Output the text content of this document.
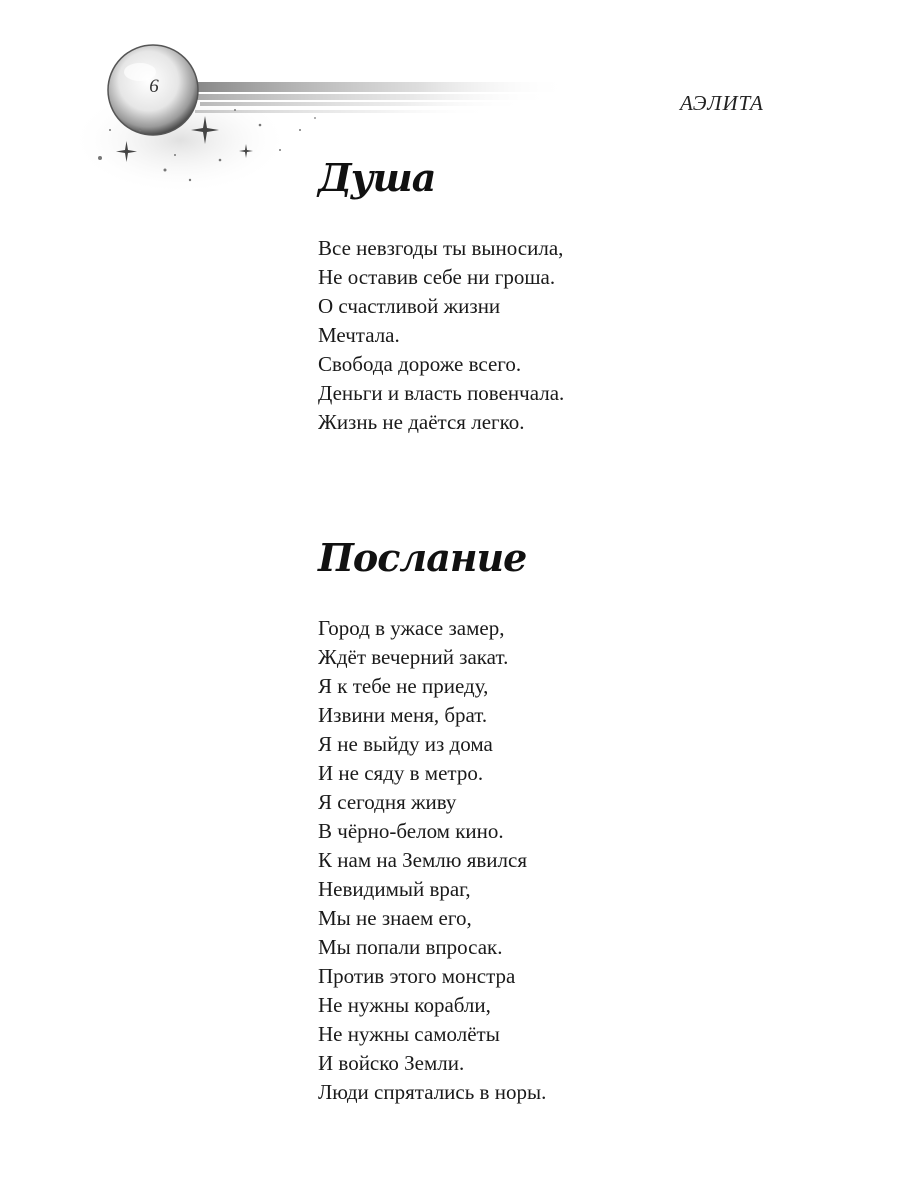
6
АЭЛИТА
Душа
Все невзгоды ты выносила,
Не оставив себе ни гроша.
О счастливой жизни
Мечтала.
Свобода дороже всего.
Деньги и власть повенчала.
Жизнь не даётся легко.
Послание
Город в ужасе замер,
Ждёт вечерний закат.
Я к тебе не приеду,
Извини меня, брат.
Я не выйду из дома
И не сяду в метро.
Я сегодня живу
В чёрно-белом кино.
К нам на Землю явился
Невидимый враг,
Мы не знаем его,
Мы попали впросак.
Против этого монстра
Не нужны корабли,
Не нужны самолёты
И войско Земли.
Люди спрятались в норы.
